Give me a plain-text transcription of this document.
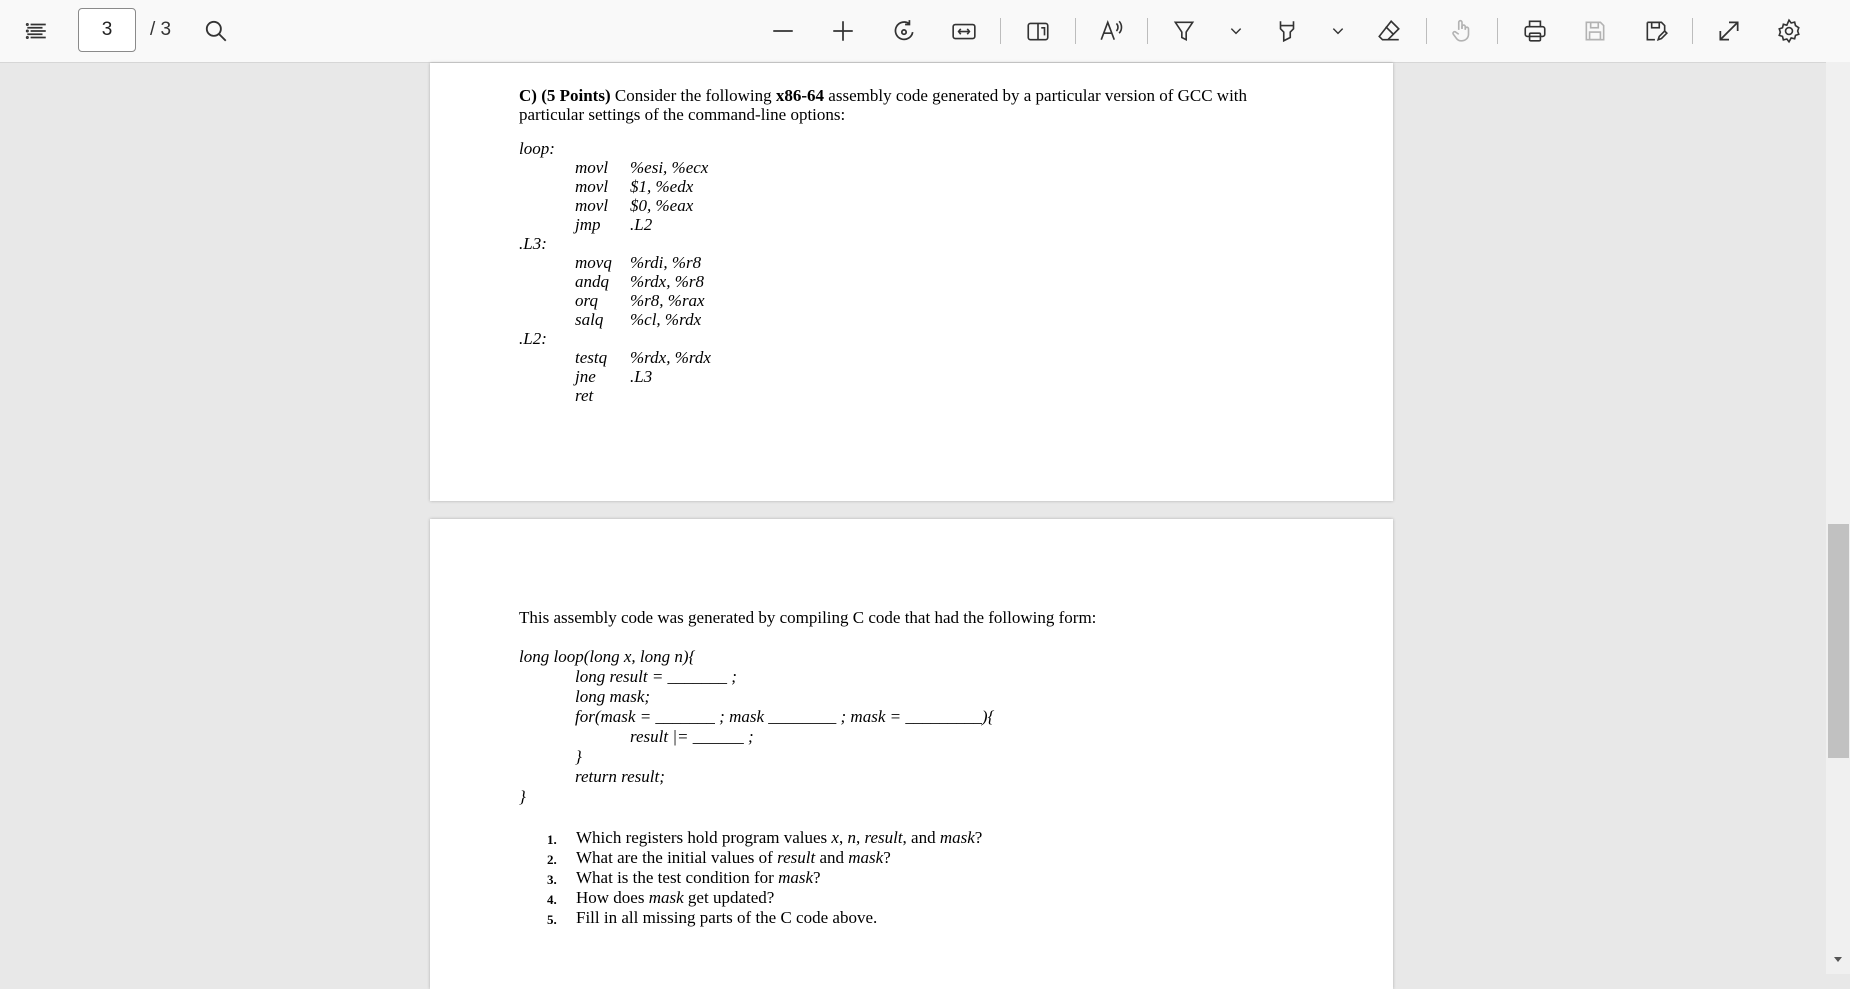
3	/ 3
C) (5 Points) Consider the following x86-64 assembly code generated by a particular version of GCC with
particular settings of the command-line options:
loop:
movl %esi, %ecx
movl $1, %edx
movl $0, %eax
jmp .L2
.L3:
movq %rdi, %r8
andq %rdx, %r8
orq %r8, %rax
salq %cl, %rdx
.L2:
testq %rdx, %rdx
jne .L3
ret
This assembly code was generated by compiling C code that had the following form:
long loop(long x, long n){
long result = _______ ;
long mask;
for(mask = _______ ; mask ________ ; mask = _________){
result |= ______ ;
}
return result;
}
1. Which registers hold program values x, n, result, and mask?
2. What are the initial values of result and mask?
3. What is the test condition for mask?
4. How does mask get updated?
5. Fill in all missing parts of the C code above.
